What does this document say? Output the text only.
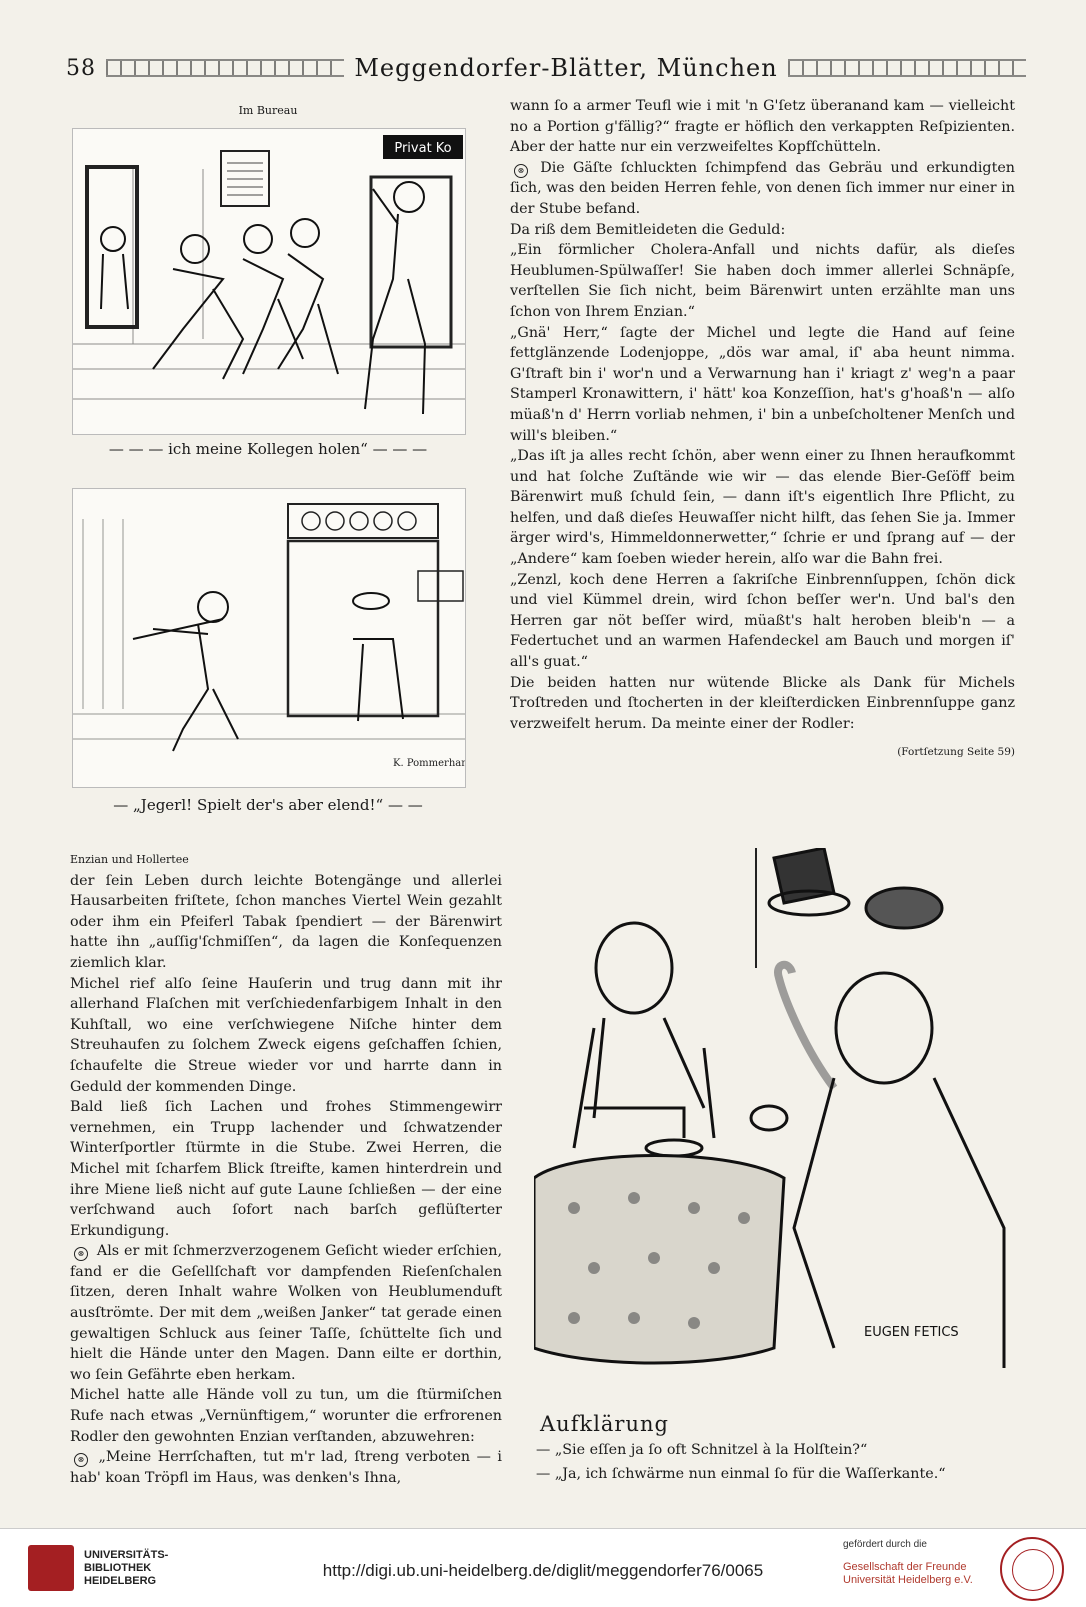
58	Meggendorfer-Blätter, München
Im Bureau
Privat Ko
— — — ich meine Kollegen holen“ — — —
K. Pommerhanz
— „Jegerl! Spielt der's aber elend!“ — —

wann ſo a armer Teufl wie i mit 'n G'ſetz überanand kam — vielleicht no a Portion g'fällig?“ fragte er höflich den verkappten Reſpizienten. Aber der hatte nur ein verzweifeltes Kopfſchütteln.

⊗ Die Gäſte ſchluckten ſchimpfend das Gebräu und erkundigten ſich, was den beiden Herren fehle, von denen ſich immer nur einer in der Stube befand.

Da riß dem Bemitleideten die Geduld:

„Ein förmlicher Cholera-Anfall und nichts dafür, als dieſes Heublumen-Spülwaſſer! Sie haben doch immer allerlei Schnäpſe, verſtellen Sie ſich nicht, beim Bärenwirt unten erzählte man uns ſchon von Ihrem Enzian.“

„Gnä' Herr,“ ſagte der Michel und legte die Hand auf ſeine fettglänzende Lodenjoppe, „dös war amal, iſ' aba heunt nimma. G'ſtraft bin i' wor'n und a Verwarnung han i' kriagt z' weg'n a paar Stamperl Kronawittern, i' hätt' koa Konzeſſion, hat's g'hoaß'n — alſo müaß'n d' Herrn vorliab nehmen, i' bin a unbeſcholtener Menſch und will's bleiben.“

„Das iſt ja alles recht ſchön, aber wenn einer zu Ihnen heraufkommt und hat ſolche Zuſtände wie wir — das elende Bier-Geſöff beim Bärenwirt muß ſchuld ſein, — dann iſt's eigentlich Ihre Pflicht, zu helfen, und daß dieſes Heuwaſſer nicht hilft, das ſehen Sie ja. Immer ärger wird's, Himmeldonnerwetter,“ ſchrie er und ſprang auf — der „Andere“ kam ſoeben wieder herein, alſo war die Bahn frei.

„Zenzl, koch dene Herren a ſakriſche Einbrennſuppen, ſchön dick und viel Kümmel drein, wird ſchon beſſer wer'n. Und bal's den Herren gar nöt beſſer wird, müaßt's halt heroben bleib'n — a Federtuchet und an warmen Hafendeckel am Bauch und morgen iſ' all's guat.“

Die beiden hatten nur wütende Blicke als Dank für Michels Troſtreden und ſtocherten in der kleiſterdicken Einbrennſuppe ganz verzweifelt herum. Da meinte einer der Rodler:

(Fortſetzung Seite 59)

Enzian und Hollertee

der ſein Leben durch leichte Botengänge und allerlei Hausarbeiten friſtete, ſchon manches Viertel Wein gezahlt oder ihm ein Pfeiferl Tabak ſpendiert — der Bärenwirt hatte ihn „auſſig'ſchmiſſen“, da lagen die Konſequenzen ziemlich klar.

Michel rief alſo ſeine Hauſerin und trug dann mit ihr allerhand Flaſchen mit verſchiedenfarbigem Inhalt in den Kuhſtall, wo eine verſchwiegene Niſche hinter dem Streuhaufen zu ſolchem Zweck eigens geſchaffen ſchien, ſchaufelte die Streue wieder vor und harrte dann in Geduld der kommenden Dinge.

Bald ließ ſich Lachen und frohes Stimmengewirr vernehmen, ein Trupp lachender und ſchwatzender Winterſportler ſtürmte in die Stube. Zwei Herren, die Michel mit ſcharfem Blick ſtreifte, kamen hinterdrein und ihre Miene ließ nicht auf gute Laune ſchließen — der eine verſchwand auch ſofort nach barſch geflüſterter Erkundigung.

⊗ Als er mit ſchmerzverzogenem Geſicht wieder erſchien, fand er die Geſellſchaft vor dampfenden Rieſenſchalen ſitzen, deren Inhalt wahre Wolken von Heublumenduft ausſtrömte. Der mit dem „weißen Janker“ tat gerade einen gewaltigen Schluck aus ſeiner Taſſe, ſchüttelte ſich und hielt die Hände unter den Magen. Dann eilte er dorthin, wo ſein Gefährte eben herkam.

Michel hatte alle Hände voll zu tun, um die ſtürmiſchen Rufe nach etwas „Vernünftigem,“ worunter die erfrorenen Rodler den gewohnten Enzian verſtanden, abzuwehren:

⊗ „Meine Herrſchaften, tut m'r lad, ſtreng verboten — i hab' koan Tröpfl im Haus, was denken's Ihna,

EUGEN FETICS
Aufklärung
— „Sie eſſen ja ſo oft Schnitzel à la Holſtein?“
— „Ja, ich ſchwärme nun einmal ſo für die Waſſerkante.“
UNIVERSITÄTS-
BIBLIOTHEK
HEIDELBERG
http://digi.ub.uni-heidelberg.de/diglit/meggendorfer76/0065
gefördert durch die
Gesellschaft der Freunde
Universität Heidelberg e.V.
